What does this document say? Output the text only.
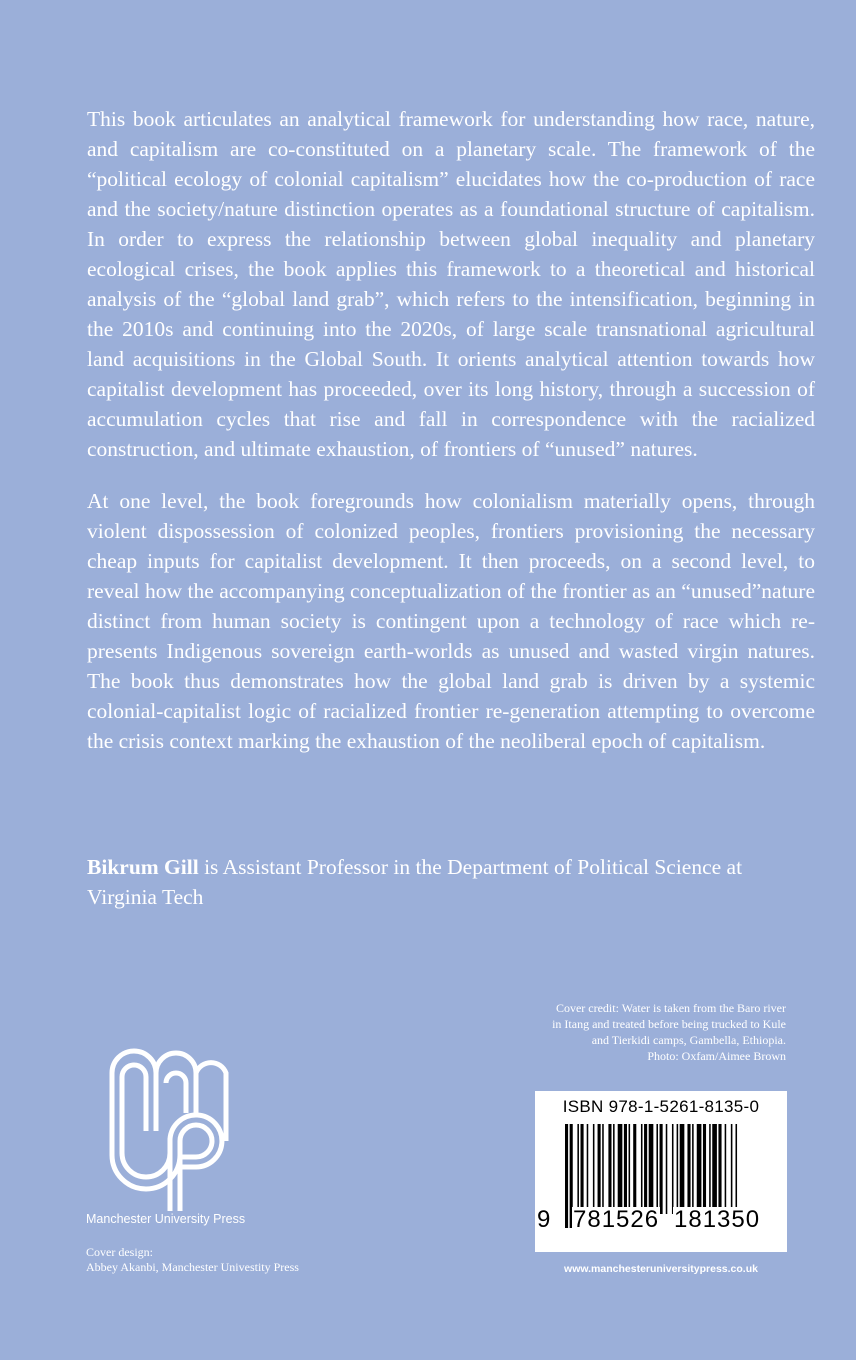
This book articulates an analytical framework for understanding how race, nature, and capitalism are co-constituted on a planetary scale. The framework of the “political ecology of colonial capitalism” elucidates how the co-production of race and the society/nature distinction operates as a foundational structure of capitalism. In order to express the relationship between global inequality and planetary ecological crises, the book applies this framework to a theoretical and historical analysis of the “global land grab”, which refers to the intensification, beginning in the 2010s and continuing into the 2020s, of large scale transnational agricultural land acquisitions in the Global South. It orients analytical attention towards how capitalist development has proceeded, over its long history, through a succession of accumulation cycles that rise and fall in correspondence with the racialized construction, and ultimate exhaustion, of frontiers of “unused” natures.

At one level, the book foregrounds how colonialism materially opens, through violent dispossession of colonized peoples, frontiers provisioning the necessary cheap inputs for capitalist development. It then proceeds, on a second level, to reveal how the accompanying conceptualization of the frontier as an “unused”nature distinct from human society is contingent upon a technology of race which re-presents Indigenous sovereign earth-worlds as unused and wasted virgin natures. The book thus demonstrates how the global land grab is driven by a systemic colonial-capitalist logic of racialized frontier re-generation attempting to overcome the crisis context marking the exhaustion of the neoliberal epoch of capitalism.

Bikrum Gill is Assistant Professor in the Department of Political Science at Virginia Tech

Cover credit: Water is taken from the Baro river
in Itang and treated before being trucked to Kule
and Tierkidi camps, Gambella, Ethiopia.
Photo: Oxfam/Aimee Brown
Manchester University Press
Cover design:
Abbey Akanbi, Manchester Univestity Press
ISBN 978-1-5261-8135-0
9 781526 181350
www.manchesteruniversitypress.co.uk
